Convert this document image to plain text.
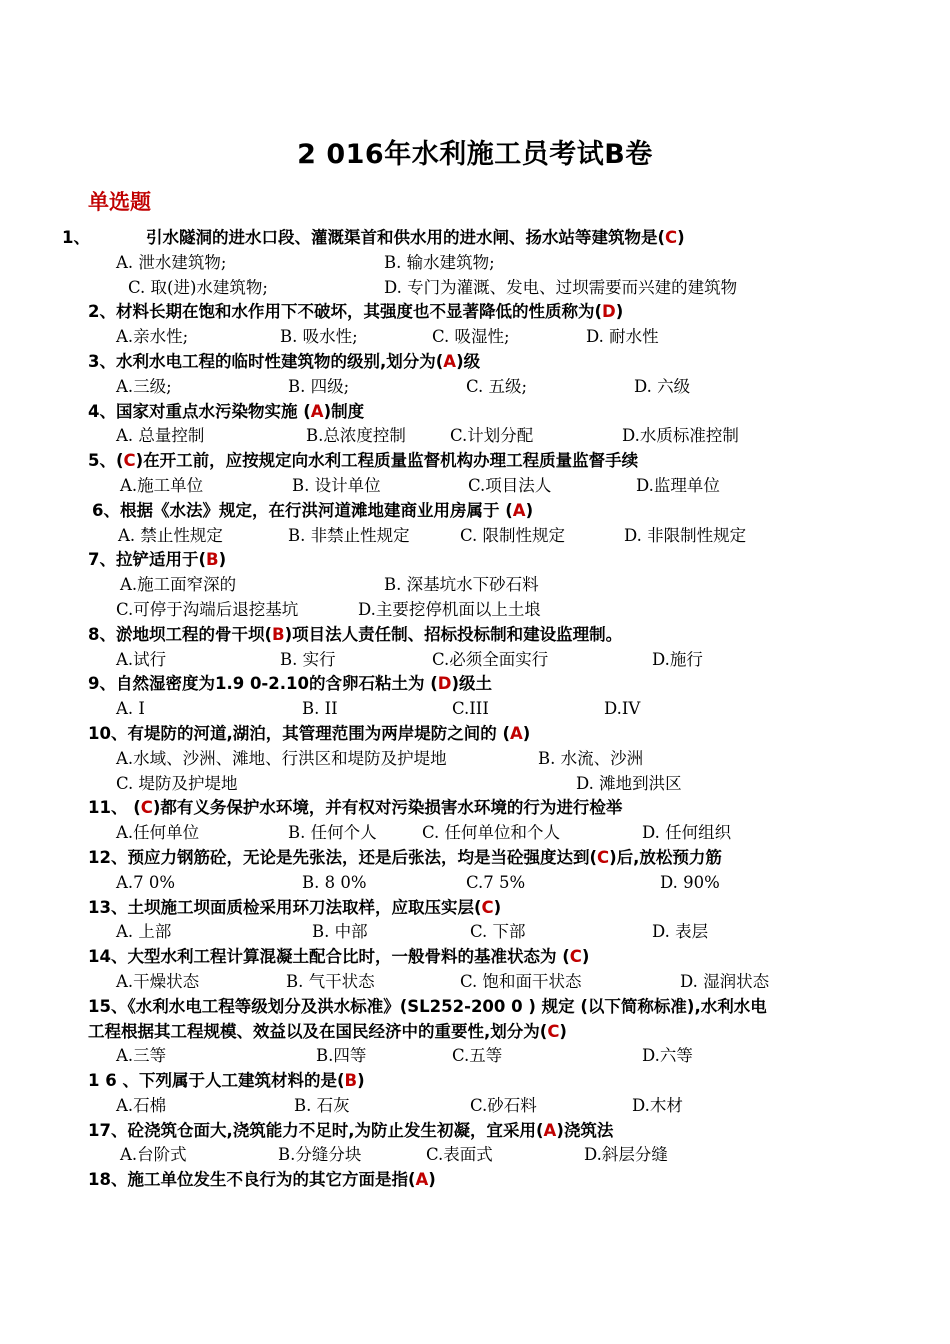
2 016年水利施工员考试B卷
单选题
1、	引水隧洞的进水口段、灌溉渠首和供水用的进水闸、扬水站等建筑物是(C)
A. 泄水建筑物;	B. 输水建筑物;
C. 取(进)水建筑物;	D. 专门为灌溉、发电、过坝需要而兴建的建筑物
2、材料长期在饱和水作用下不破坏，其强度也不显著降低的性质称为(D)
A.亲水性;	B. 吸水性;	C. 吸湿性;	D. 耐水性
3、水利水电工程的临时性建筑物的级别,划分为(A)级
A.三级;	B. 四级;	C. 五级;	D. 六级
4、国家对重点水污染物实施 (A)制度
A. 总量控制	B.总浓度控制	C.计划分配	D.水质标准控制
5、(C)在开工前，应按规定向水利工程质量监督机构办理工程质量监督手续
A.施工单位	B. 设计单位	C.项目法人	D.监理单位
6、根据《水法》规定，在行洪河道滩地建商业用房属于 (A)
A. 禁止性规定	B. 非禁止性规定	C. 限制性规定	D. 非限制性规定
7、拉铲适用于(B)
A.施工面窄深的	B. 深基坑水下砂石料
C.可停于沟端后退挖基坑	D.主要挖停机面以上土埌
8、淤地坝工程的骨干坝(B)项目法人责任制、招标投标制和建设监理制。
A.试行	B. 实行	C.必须全面实行	D.施行
9、自然湿密度为1.9 0-2.10的含卵石粘土为 (D)级土
A. I	B. II	C.III	D.IV
10、有堤防的河道,湖泊，其管理范围为两岸堤防之间的 (A)
A.水域、沙洲、滩地、行洪区和堤防及护堤地	B. 水流、沙洲
C. 堤防及护堤地	D. 滩地到洪区
11、 (C)都有义务保护水环境，并有权对污染损害水环境的行为进行检举
A.任何单位	B. 任何个人	C. 任何单位和个人	D. 任何组织
12、预应力钢筋砼，无论是先张法，还是后张法，均是当砼强度达到(C)后,放松预力筋
A.7 0%	B. 8 0%	C.7 5%	D. 90%
13、土坝施工坝面质检采用环刀法取样，应取压实层(C)
A. 上部	B. 中部	C. 下部	D. 表层
14、大型水利工程计算混凝土配合比时，一般骨料的基准状态为 (C)
A.干燥状态	B. 气干状态	C. 饱和面干状态	D. 湿润状态
15、《水利水电工程等级划分及洪水标准》(SL252-200 0 ) 规定 (以下简称标准),水利水电
工程根据其工程规模、效益以及在国民经济中的重要性,划分为(C)
A.三等	B.四等	C.五等	D.六等
1 6 、下列属于人工建筑材料的是(B)
A.石棉	B. 石灰	C.砂石料	D.木材
17、砼浇筑仓面大,浇筑能力不足时,为防止发生初凝，宜采用(A)浇筑法
A.台阶式	B.分缝分块	C.表面式	D.斜层分缝
18、施工单位发生不良行为的其它方面是指(A)
